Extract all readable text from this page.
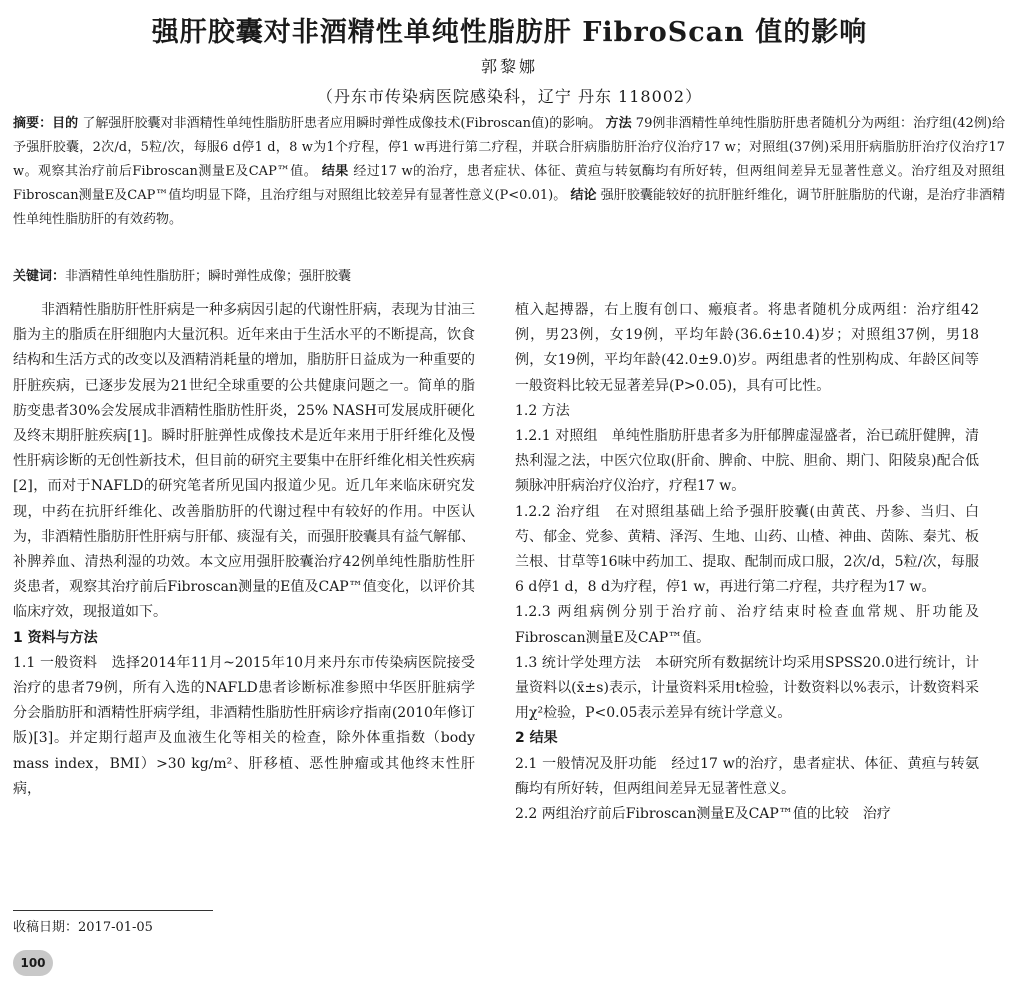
强肝胶囊对非酒精性单纯性脂肪肝 FibroScan 值的影响
郭黎娜
（丹东市传染病医院感染科，辽宁 丹东 118002）

摘要：目的 了解强肝胶囊对非酒精性单纯性脂肪肝患者应用瞬时弹性成像技术(Fibroscan值)的影响。 方法 79例非酒精性单纯性脂肪肝患者随机分为两组：治疗组(42例)给予强肝胶囊，2次/d，5粒/次，每服6 d停1 d，8 w为1个疗程，停1 w再进行第二疗程，并联合肝病脂肪肝治疗仪治疗17 w；对照组(37例)采用肝病脂肪肝治疗仪治疗17 w。观察其治疗前后Fibroscan测量E及CAP™值。 结果 经过17 w的治疗，患者症状、体征、黄疸与转氨酶均有所好转，但两组间差异无显著性意义。治疗组及对照组Fibroscan测量E及CAP™值均明显下降，且治疗组与对照组比较差异有显著性意义(P<0.01)。 结论 强肝胶囊能较好的抗肝脏纤维化，调节肝脏脂肪的代谢，是治疗非酒精性单纯性脂肪肝的有效药物。

关键词：非酒精性单纯性脂肪肝；瞬时弹性成像；强肝胶囊

非酒精性脂肪肝性肝病是一种多病因引起的代谢性肝病，表现为甘油三脂为主的脂质在肝细胞内大量沉积。近年来由于生活水平的不断提高，饮食结构和生活方式的改变以及酒精消耗量的增加，脂肪肝日益成为一种重要的肝脏疾病，已逐步发展为21世纪全球重要的公共健康问题之一。简单的脂肪变患者30%会发展成非酒精性脂肪性肝炎，25% NASH可发展成肝硬化及终末期肝脏疾病[1]。瞬时肝脏弹性成像技术是近年来用于肝纤维化及慢性肝病诊断的无创性新技术，但目前的研究主要集中在肝纤维化相关性疾病[2]，而对于NAFLD的研究笔者所见国内报道少见。近几年来临床研究发现，中药在抗肝纤维化、改善脂肪肝的代谢过程中有较好的作用。中医认为，非酒精性脂肪肝性肝病与肝郁、痰湿有关，而强肝胶囊具有益气解郁、补脾养血、清热利湿的功效。本文应用强肝胶囊治疗42例单纯性脂肪性肝炎患者，观察其治疗前后Fibroscan测量的E值及CAP™值变化，以评价其临床疗效，现报道如下。

1 资料与方法

1.1 一般资料　 选择2014年11月~2015年10月来丹东市传染病医院接受治疗的患者79例，所有入选的NAFLD患者诊断标准参照中华医肝脏病学分会脂肪肝和酒精性肝病学组，非酒精性脂肪性肝病诊疗指南(2010年修订版)[3]。并定期行超声及血液生化等相关的检查，除外体重指数（body mass index，BMI）>30 kg/m²、肝移植、恶性肿瘤或其他终末性肝病，

植入起搏器，右上腹有创口、瘢痕者。将患者随机分成两组：治疗组42例，男23例，女19例，平均年龄(36.6±10.4)岁；对照组37例，男18例，女19例，平均年龄(42.0±9.0)岁。两组患者的性别构成、年龄区间等一般资料比较无显著差异(P>0.05)，具有可比性。

1.2 方法

1.2.1 对照组　单纯性脂肪肝患者多为肝郁脾虚湿盛者，治已疏肝健脾，清热利湿之法，中医穴位取(肝俞、脾俞、中脘、胆俞、期门、阳陵泉)配合低频脉冲肝病治疗仪治疗，疗程17 w。

1.2.2 治疗组　在对照组基础上给予强肝胶囊(由黄芪、丹参、当归、白芍、郁金、党参、黄精、泽泻、生地、山药、山楂、神曲、茵陈、秦艽、板兰根、甘草等16味中药加工、提取、配制而成口服，2次/d，5粒/次，每服6 d停1 d，8 d为疗程，停1 w，再进行第二疗程，共疗程为17 w。

1.2.3 两组病例分别于治疗前、治疗结束时检查血常规、肝功能及Fibroscan测量E及CAP™值。

1.3 统计学处理方法　本研究所有数据统计均采用SPSS20.0进行统计，计量资料以(x̄±s)表示，计量资料采用t检验，计数资料以%表示，计数资料采用χ²检验，P<0.05表示差异有统计学意义。

2 结果

2.1 一般情况及肝功能　经过17 w的治疗，患者症状、体征、黄疸与转氨酶均有所好转，但两组间差异无显著性意义。

2.2 两组治疗前后Fibroscan测量E及CAP™值的比较　治疗

收稿日期：2017-01-05
100
